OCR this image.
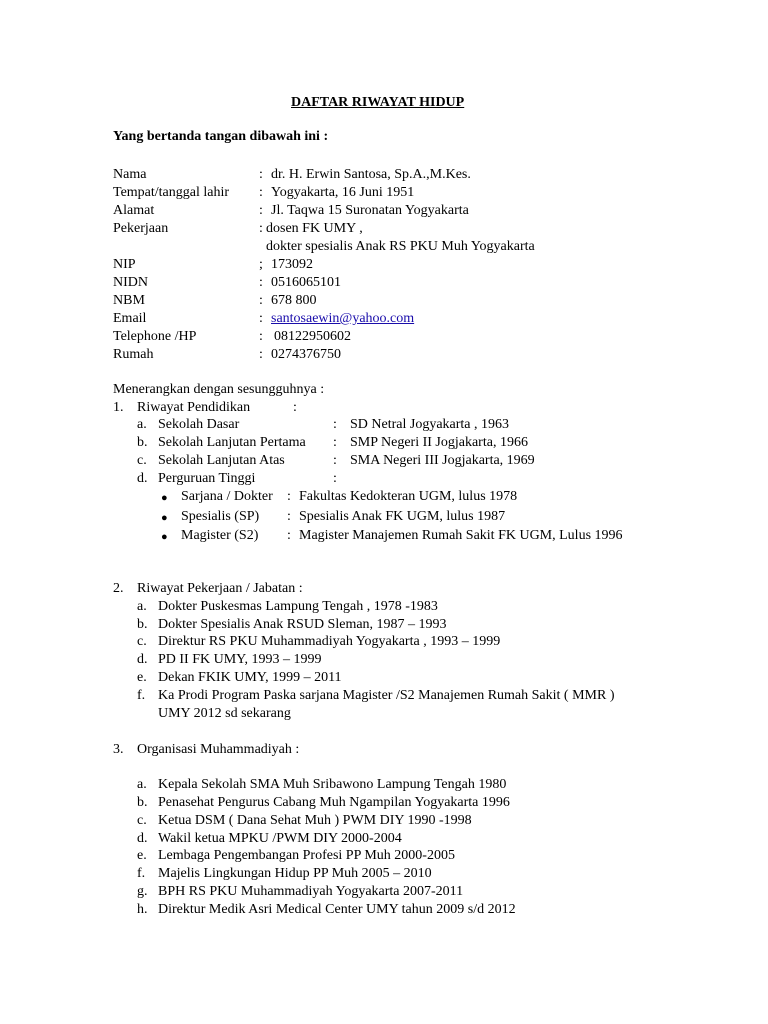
DAFTAR RIWAYAT HIDUP
Yang bertanda tangan dibawah ini :
Nama	: dr. H. Erwin Santosa, Sp.A.,M.Kes.
Tempat/tanggal lahir : Yogyakarta, 16 Juni 1951
Alamat	: Jl. Taqwa 15 Suronatan Yogyakarta
Pekerjaan	: dosen FK UMY ,
dokter spesialis Anak RS PKU Muh Yogyakarta
NIP	; 173092
NIDN	: 0516065101
NBM	: 678 800
Email	: santosaewin@yahoo.com
Telephone /HP	: 08122950602
Rumah	: 0274376750
Menerangkan dengan sesungguhnya :
1. Riwayat Pendidikan	:
a. Sekolah Dasar	: SD Netral Jogyakarta , 1963
b. Sekolah Lanjutan Pertama : SMP Negeri II Jogjakarta, 1966
c. Sekolah Lanjutan Atas	: SMA Negeri III Jogjakarta, 1969
d. Perguruan Tinggi	:
● Sarjana / Dokter : Fakultas Kedokteran UGM, lulus 1978
● Spesialis (SP) : Spesialis Anak FK UGM, lulus 1987
● Magister (S2) : Magister Manajemen Rumah Sakit FK UGM, Lulus 1996
2. Riwayat Pekerjaan / Jabatan :
a. Dokter Puskesmas Lampung Tengah , 1978 -1983
b. Dokter Spesialis Anak RSUD Sleman, 1987 – 1993
c. Direktur RS PKU Muhammadiyah Yogyakarta , 1993 – 1999
d. PD II FK UMY, 1993 – 1999
e. Dekan FKIK UMY, 1999 – 2011
f. Ka Prodi Program Paska sarjana Magister /S2 Manajemen Rumah Sakit ( MMR )
UMY 2012 sd sekarang
3. Organisasi Muhammadiyah :
a. Kepala Sekolah SMA Muh Sribawono Lampung Tengah 1980
b. Penasehat Pengurus Cabang Muh Ngampilan Yogyakarta 1996
c. Ketua DSM ( Dana Sehat Muh ) PWM DIY 1990 -1998
d. Wakil ketua MPKU /PWM DIY 2000-2004
e. Lembaga Pengembangan Profesi PP Muh 2000-2005
f. Majelis Lingkungan Hidup PP Muh 2005 – 2010
g. BPH RS PKU Muhammadiyah Yogyakarta 2007-2011
h. Direktur Medik Asri Medical Center UMY tahun 2009 s/d 2012
